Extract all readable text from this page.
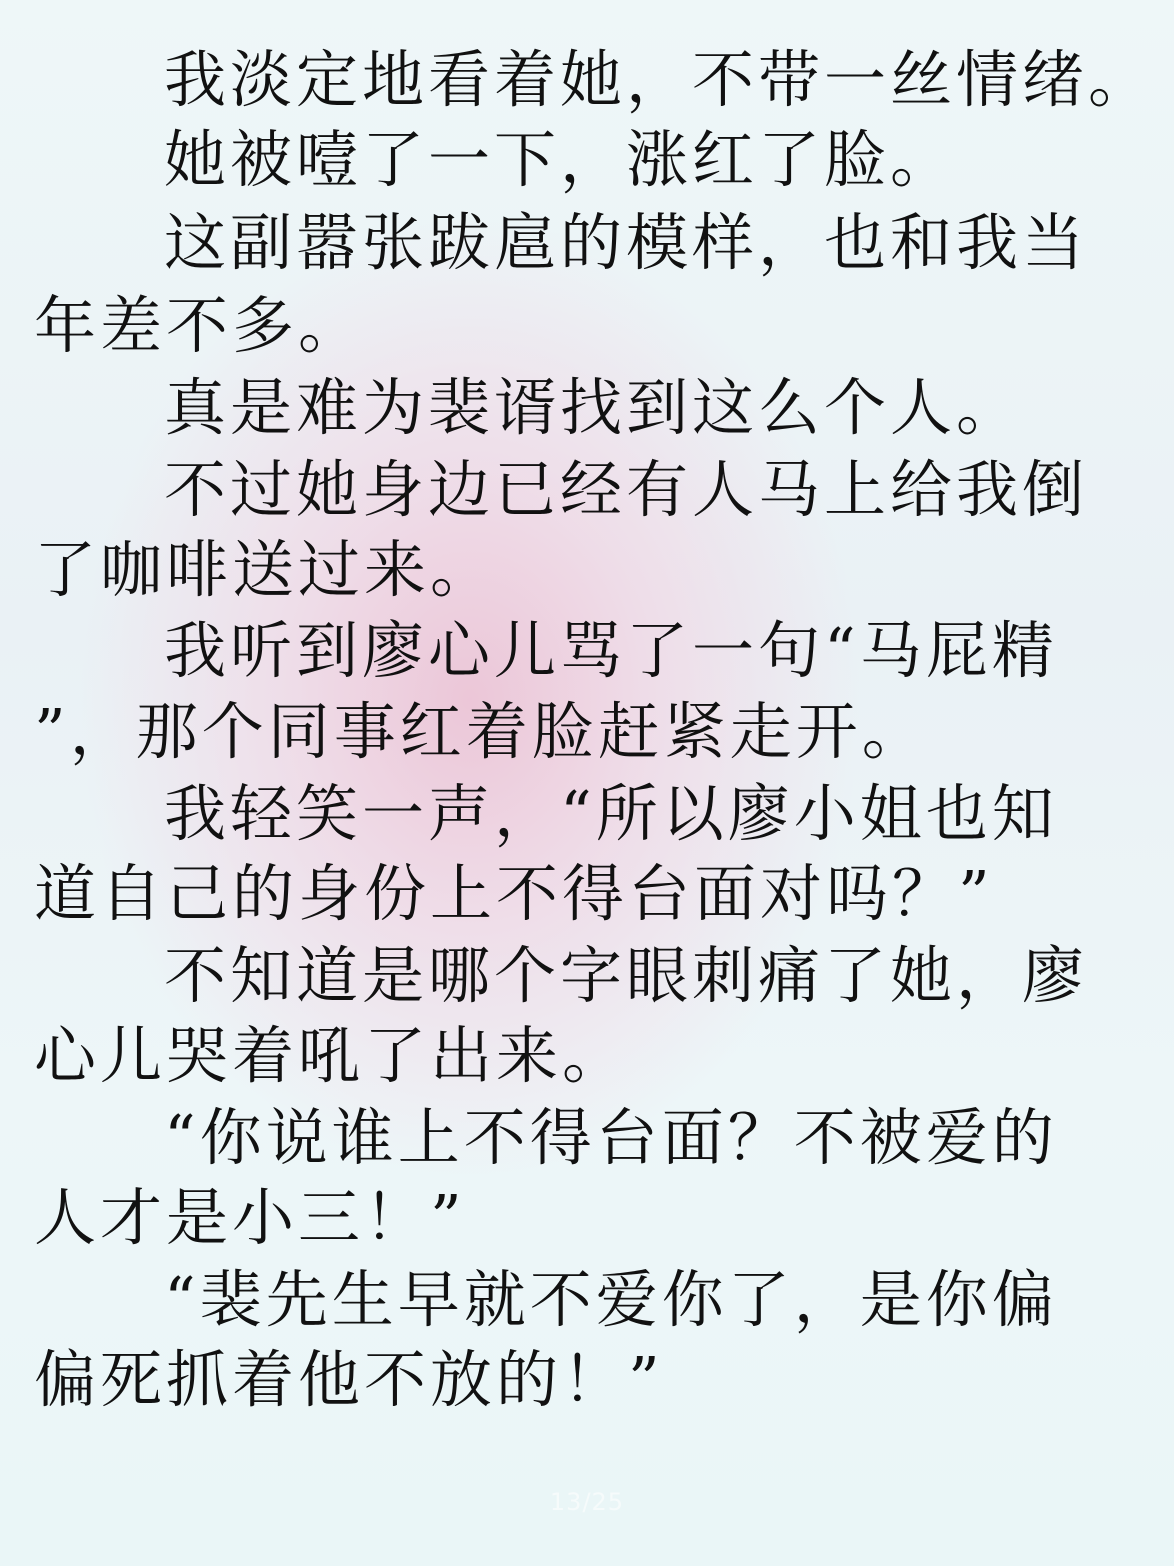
我淡定地看着她，不带一丝情绪。
她被噎了一下，涨红了脸。
这副嚣张跋扈的模样，也和我当
年差不多。
真是难为裴谞找到这么个人。
不过她身边已经有人马上给我倒
了咖啡送过来。
我听到廖心儿骂了一句“马屁精
”，那个同事红着脸赶紧走开。
我轻笑一声，“所以廖小姐也知
道自己的身份上不得台面对吗？”
不知道是哪个字眼刺痛了她，廖
心儿哭着吼了出来。
“你说谁上不得台面？不被爱的
人才是小三！”
“裴先生早就不爱你了，是你偏
偏死抓着他不放的！”
13/25
